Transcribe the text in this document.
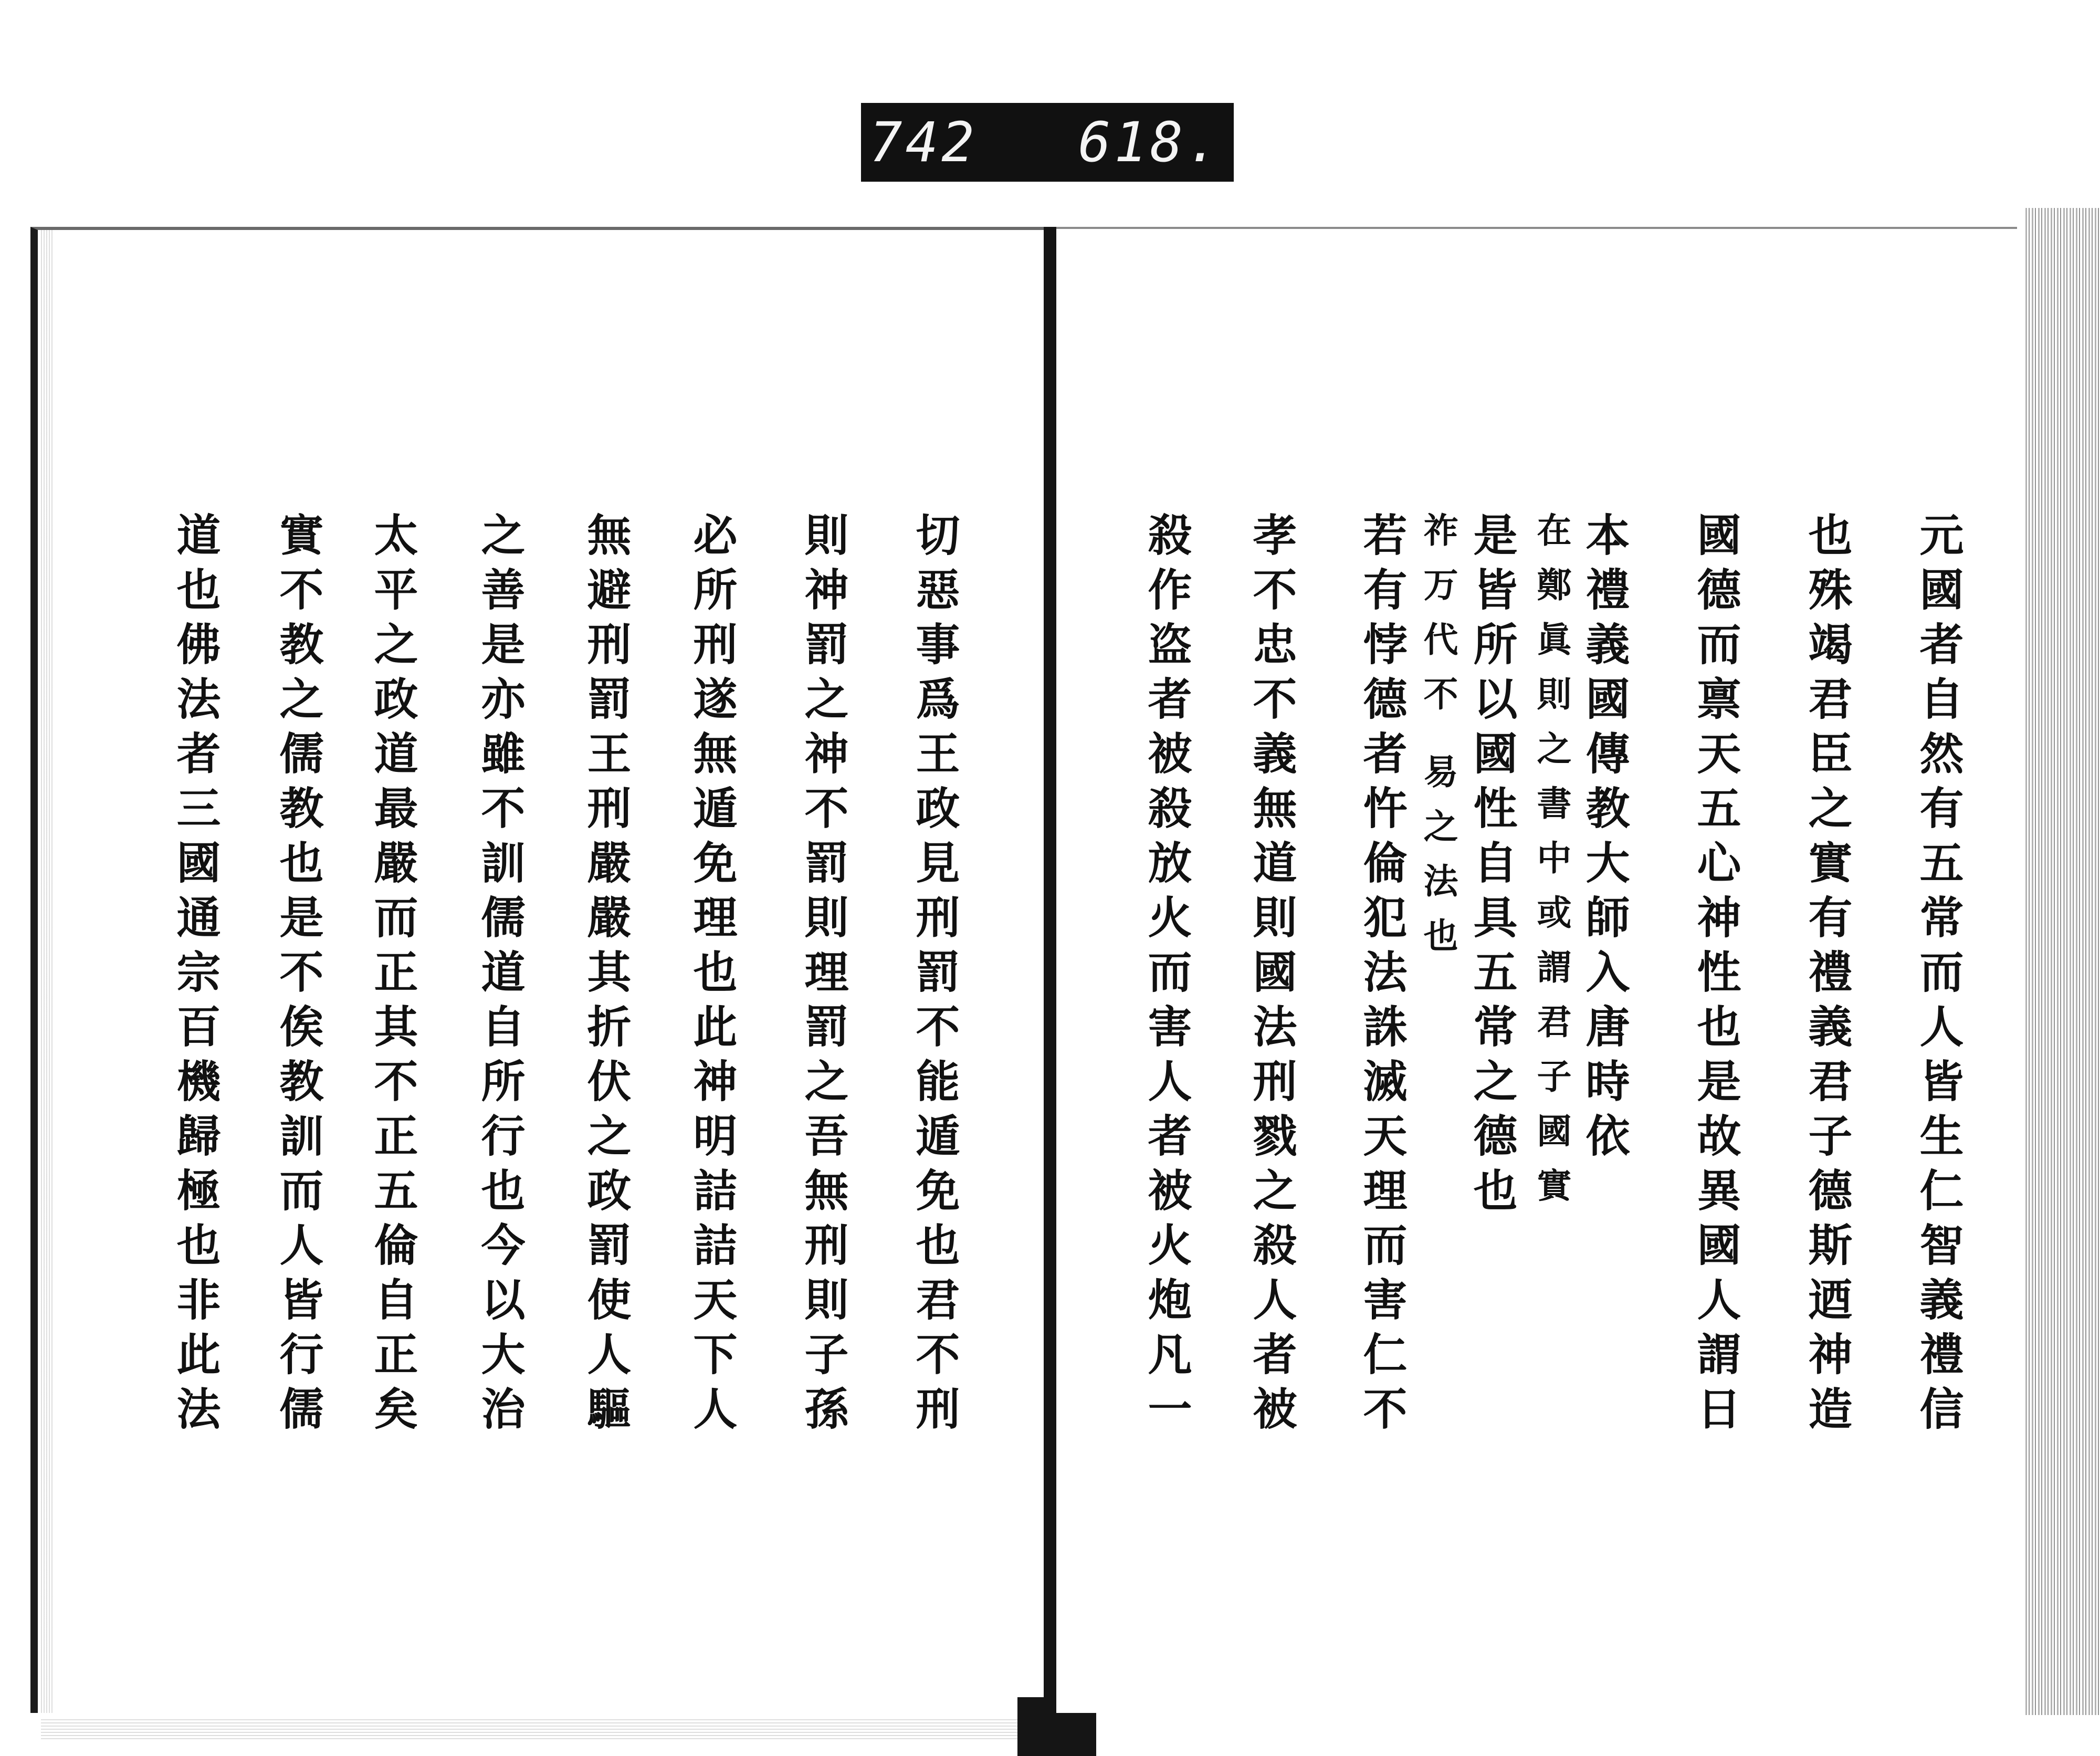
742 618.
元國者自然有五常而人皆生仁智義禮信
也殊竭君臣之實有禮義君子德斯迺神造
國德而禀天五心神性也是故異國人謂日
本禮義國傳教大師入唐時依
在鄭眞則之書中或謂君子國實
是皆所以國性自具五常之德也
祚万代不
易之法也
若有悖德者忤倫犯法誅滅天理而害仁不
孝不忠不義無道則國法刑戮之殺人者被
殺作盗者被殺放火而害人者被火炮凡一
切惡事爲王政見刑罰不能遁免也君不刑
則神罰之神不罰則理罰之吾無刑則子孫
必所刑遂無遁免理也此神明詰詰天下人
無避刑罰王刑嚴嚴其折伏之政罰使人驅
之善是亦雖不訓儒道自所行也今以大治
太平之政道最嚴而正其不正五倫自正矣
實不教之儒教也是不俟教訓而人皆行儒
道也佛法者三國通宗百機歸極也非此法
